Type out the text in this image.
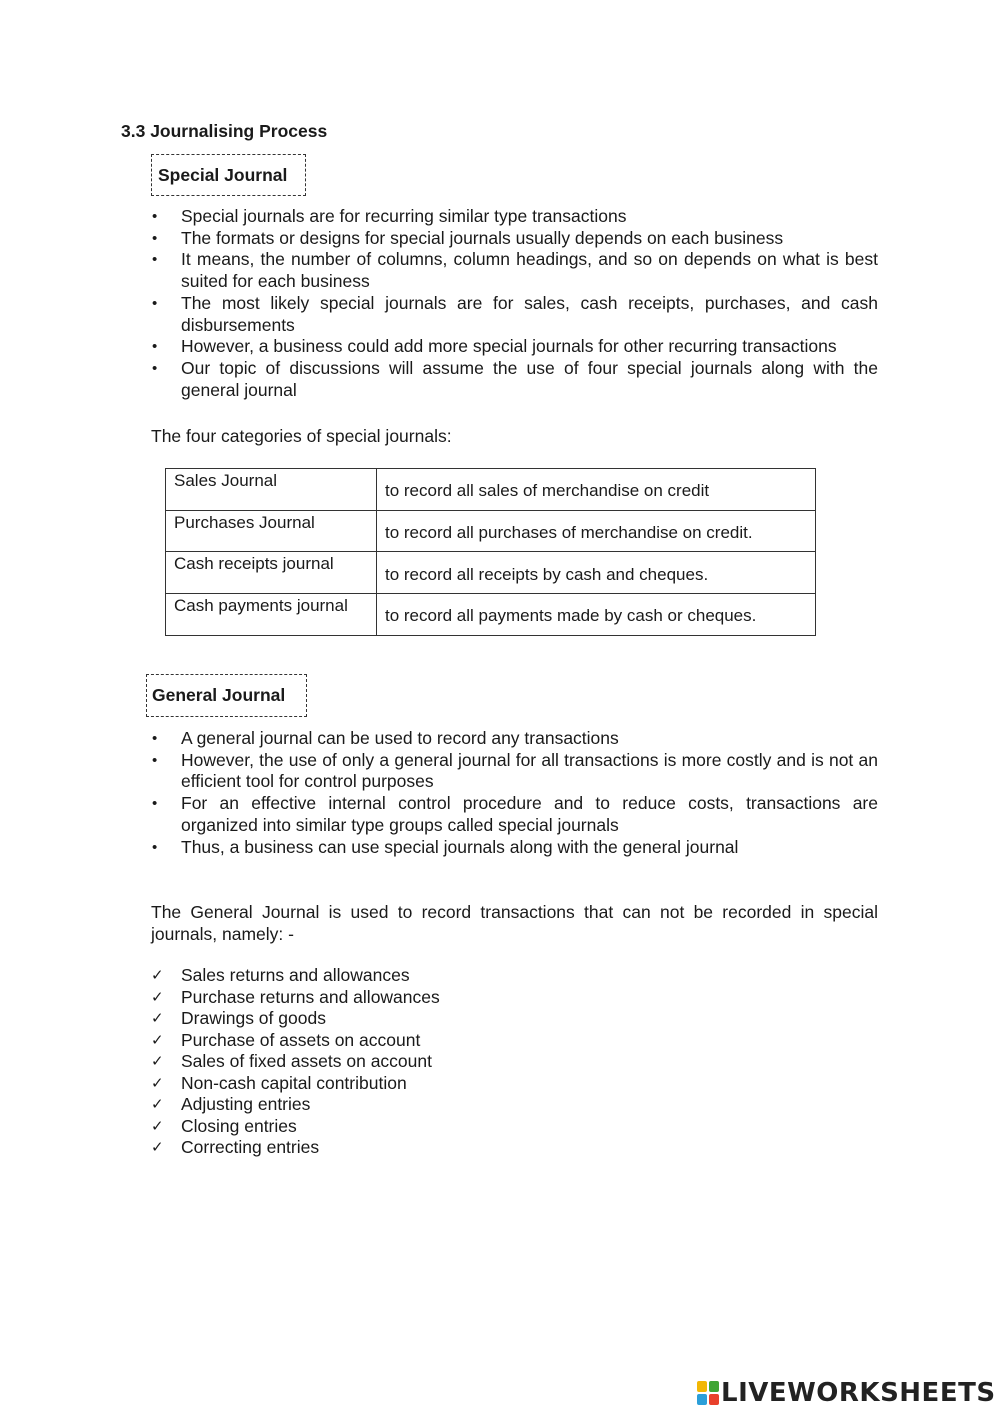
3.3 Journalising Process
Special Journal
• Special journals are for recurring similar type transactions
• The formats or designs for special journals usually depends on each business
• It means, the number of columns, column headings, and so on depends on what is best suited for each business
• The most likely special journals are for sales, cash receipts, purchases, and cash disbursements
• However, a business could add more special journals for other recurring transactions
• Our topic of discussions will assume the use of four special journals along with the general journal

The four categories of special journals:

Sales Journal	to record all sales of merchandise on credit
Purchases Journal	to record all purchases of merchandise on credit.
Cash receipts journal	to record all receipts by cash and cheques.
Cash payments journal	to record all payments made by cash or cheques.
General Journal
• A general journal can be used to record any transactions
• However, the use of only a general journal for all transactions is more costly and is not an efficient tool for control purposes
• For an effective internal control procedure and to reduce costs, transactions are organized into similar type groups called special journals
• Thus, a business can use special journals along with the general journal

The General Journal is used to record transactions that can not be recorded in special journals, namely: -

✓ Sales returns and allowances
✓ Purchase returns and allowances
✓ Drawings of goods
✓ Purchase of assets on account
✓ Sales of fixed assets on account
✓ Non-cash capital contribution
✓ Adjusting entries
✓ Closing entries
✓ Correcting entries
LIVEWORKSHEETS
